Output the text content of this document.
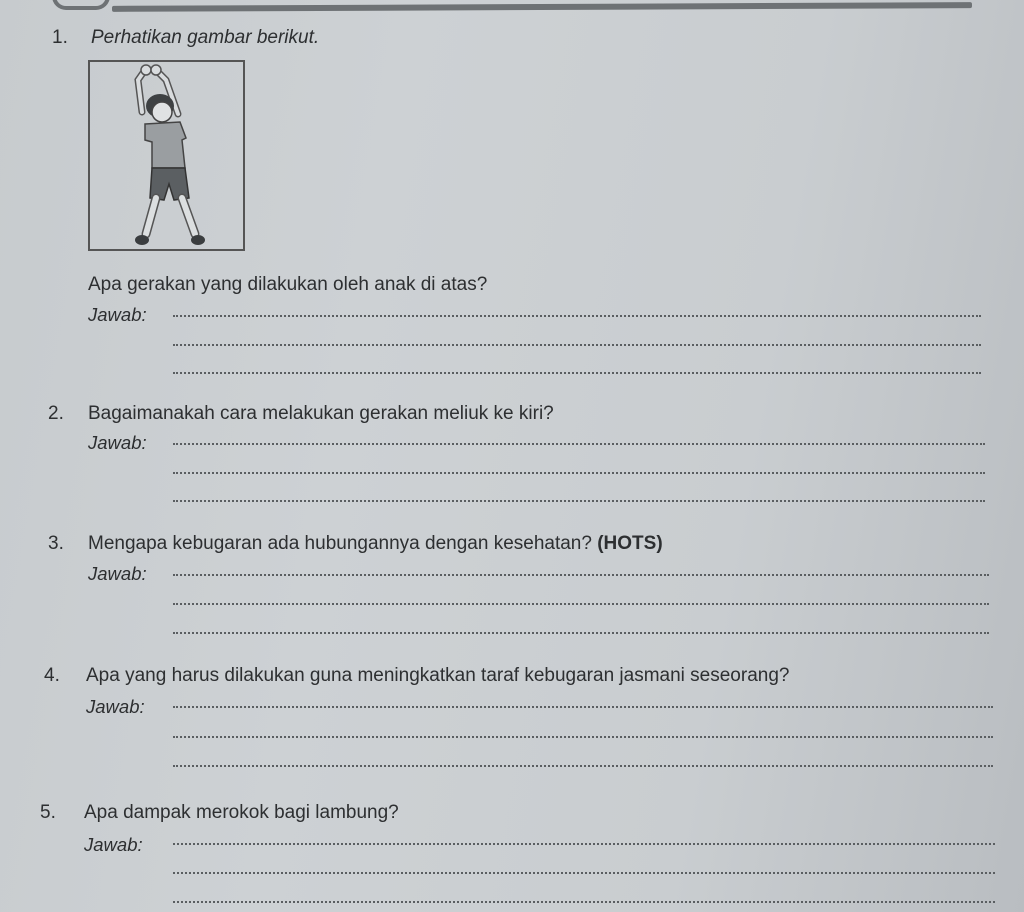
1. Perhatikan gambar berikut.
Apa gerakan yang dilakukan oleh anak di atas?
Jawab:
2. Bagaimanakah cara melakukan gerakan meliuk ke kiri?
Jawab:
3. Mengapa kebugaran ada hubungannya dengan kesehatan? (HOTS)
Jawab:
4. Apa yang harus dilakukan guna meningkatkan taraf kebugaran jasmani seseorang?
Jawab:
5. Apa dampak merokok bagi lambung?
Jawab:
